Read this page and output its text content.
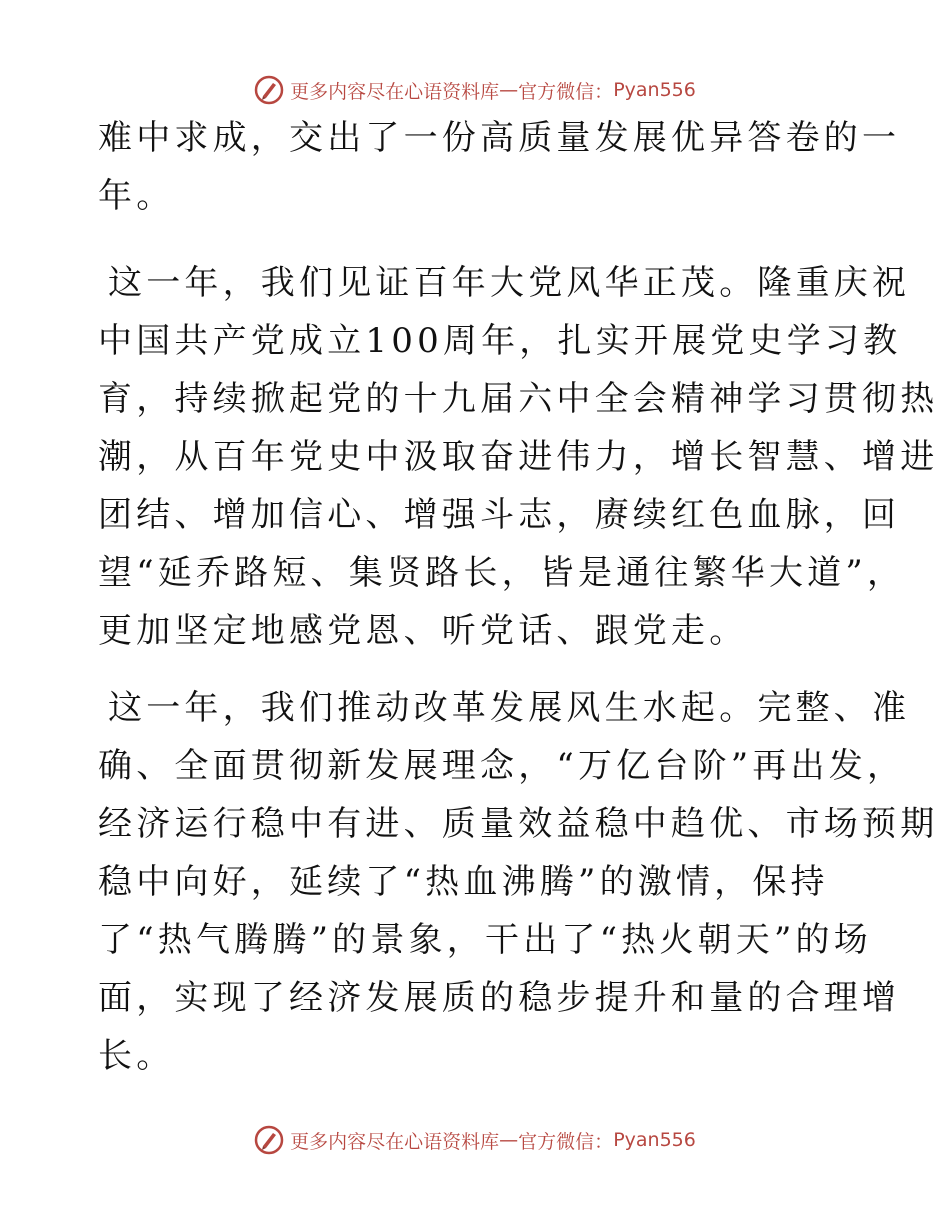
更多内容尽在心语资料库 — 官方微信： Pyan556
难中求成，交出了一份高质量发展优异答卷的一
年。
这一年，我们见证百年大党风华正茂。隆重庆祝
中国共产党成立100周年，扎实开展党史学习教
育，持续掀起党的十九届六中全会精神学习贯彻热
潮，从百年党史中汲取奋进伟力，增长智慧、增进
团结、增加信心、增强斗志，赓续红色血脉，回
望“延乔路短、集贤路长，皆是通往繁华大道”，
更加坚定地感党恩、听党话、跟党走。
这一年，我们推动改革发展风生水起。完整、准
确、全面贯彻新发展理念，“万亿台阶”再出发，
经济运行稳中有进、质量效益稳中趋优、市场预期
稳中向好，延续了“热血沸腾”的激情，保持
了“热气腾腾”的景象，干出了“热火朝天”的场
面，实现了经济发展质的稳步提升和量的合理增
长。
更多内容尽在心语资料库 — 官方微信： Pyan556
